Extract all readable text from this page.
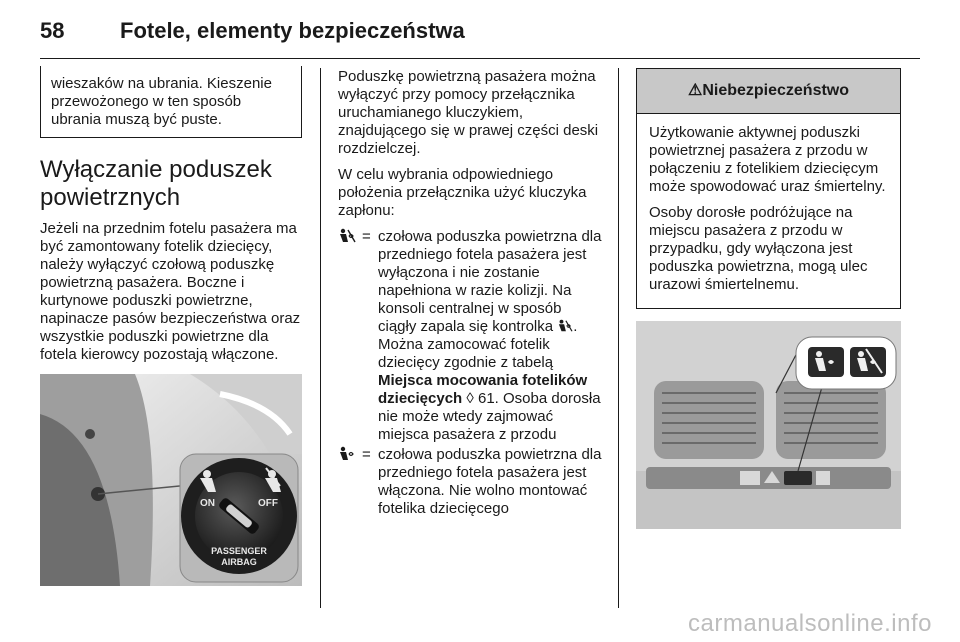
58	Fotele, elementy bezpieczeństwa
wieszaków na ubrania. Kieszenie przewożonego w ten sposób ubrania muszą być puste.
Wyłączanie poduszek powietrznych

Jeżeli na przednim fotelu pasażera ma być zamontowany fotelik dziecięcy, należy wyłączyć czołową poduszkę powietrzną pasażera. Boczne i kurtynowe poduszki powietrzne, napinacze pasów bezpieczeństwa oraz wszystkie poduszki powietrzne dla fotela kierowcy pozostają włączone.

ON	OFF
PASSENGER
AIRBAG

Poduszkę powietrzną pasażera można wyłączyć przy pomocy przełącznika uruchamianego kluczykiem, znajdującego się w prawej części deski rozdzielczej.

W celu wybrania odpowiedniego położenia przełącznika użyć kluczyka zapłonu:

= czołowa poduszka powietrzna dla przedniego fotela pasażera jest wyłączona i nie zostanie napełniona w razie kolizji. Na konsoli centralnej w sposób ciągły zapala się kontrolka . Można zamocować fotelik dziecięcy zgodnie z tabelą Miejsca mocowania fotelików dziecięcych ◊ 61. Osoba dorosła nie może wtedy zajmować miejsca pasażera z przodu
= czołowa poduszka powietrzna dla przedniego fotela pasażera jest włączona. Nie wolno montować fotelika dziecięcego
⚠ Niebezpieczeństwo

Użytkowanie aktywnej poduszki powietrznej pasażera z przodu w połączeniu z fotelikiem dziecięcym może spowodować uraz śmiertelny.

Osoby dorosłe podróżujące na miejscu pasażera z przodu w przypadku, gdy wyłączona jest poduszka powietrzna, mogą ulec urazowi śmiertelnemu.

carmanualsonline.info
